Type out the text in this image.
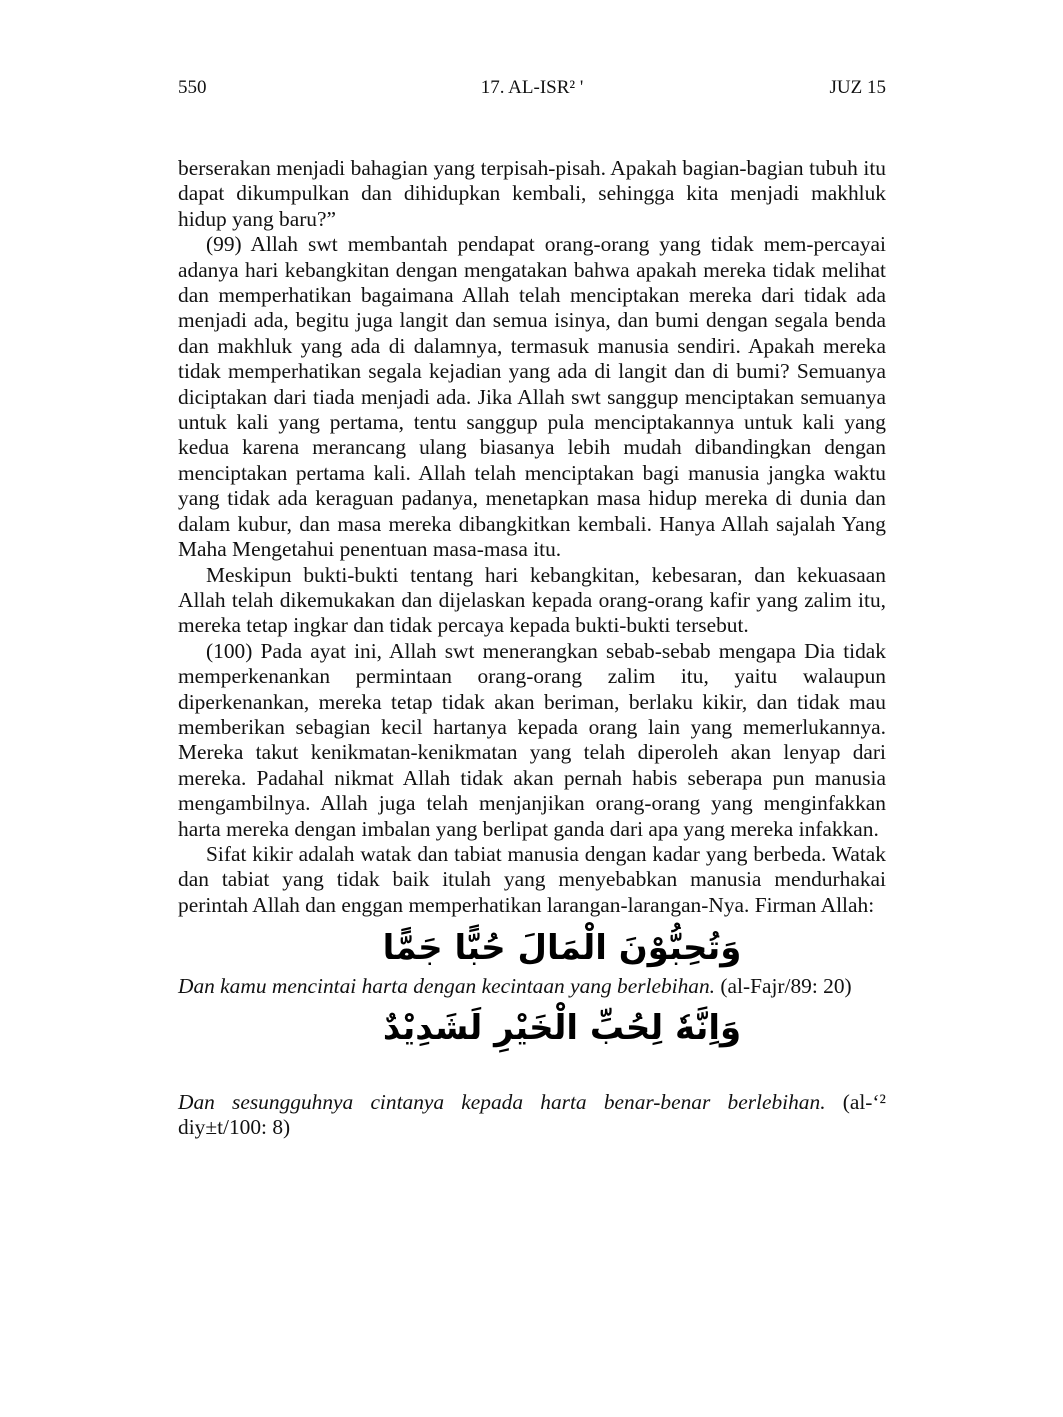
550	17. AL-ISR² '	JUZ 15

berserakan menjadi bahagian yang terpisah-pisah. Apakah bagian-bagian tubuh itu dapat dikumpulkan dan dihidupkan kembali, sehingga kita menjadi makhluk hidup yang baru?”

(99) Allah swt membantah pendapat orang-orang yang tidak mem-percayai adanya hari kebangkitan dengan mengatakan bahwa apakah mereka tidak melihat dan memperhatikan bagaimana Allah telah menciptakan mereka dari tidak ada menjadi ada, begitu juga langit dan semua isinya, dan bumi dengan segala benda dan makhluk yang ada di dalamnya, termasuk manusia sendiri. Apakah mereka tidak memperhatikan segala kejadian yang ada di langit dan di bumi? Semuanya diciptakan dari tiada menjadi ada. Jika Allah swt sanggup menciptakan semuanya untuk kali yang pertama, tentu sanggup pula menciptakannya untuk kali yang kedua karena merancang ulang biasanya lebih mudah dibandingkan dengan menciptakan pertama kali. Allah telah menciptakan bagi manusia jangka waktu yang tidak ada keraguan padanya, menetapkan masa hidup mereka di dunia dan dalam kubur, dan masa mereka dibangkitkan kembali. Hanya Allah sajalah Yang Maha Mengetahui penentuan masa-masa itu.

Meskipun bukti-bukti tentang hari kebangkitan, kebesaran, dan kekuasaan Allah telah dikemukakan dan dijelaskan kepada orang-orang kafir yang zalim itu, mereka tetap ingkar dan tidak percaya kepada bukti-bukti tersebut.

(100) Pada ayat ini, Allah swt menerangkan sebab-sebab mengapa Dia tidak memperkenankan permintaan orang-orang zalim itu, yaitu walaupun diperkenankan, mereka tetap tidak akan beriman, berlaku kikir, dan tidak mau memberikan sebagian kecil hartanya kepada orang lain yang memerlukannya. Mereka takut kenikmatan-kenikmatan yang telah diperoleh akan lenyap dari mereka. Padahal nikmat Allah tidak akan pernah habis seberapa pun manusia mengambilnya. Allah juga telah menjanjikan orang-orang yang menginfakkan harta mereka dengan imbalan yang berlipat ganda dari apa yang mereka infakkan.

Sifat kikir adalah watak dan tabiat manusia dengan kadar yang berbeda. Watak dan tabiat yang tidak baik itulah yang menyebabkan manusia mendurhakai perintah Allah dan enggan memperhatikan larangan-larangan-Nya. Firman Allah:

وَتُحِبُّوْنَ الْمَالَ حُبًّا جَمًّا

Dan kamu mencintai harta dengan kecintaan yang berlebihan. (al-Fajr/89: 20)

وَاِنَّهٗ لِحُبِّ الْخَيْرِ لَشَدِيْدٌ

Dan sesungguhnya cintanya kepada harta benar-benar berlebihan. (al-‘² diy±t/100: 8)
